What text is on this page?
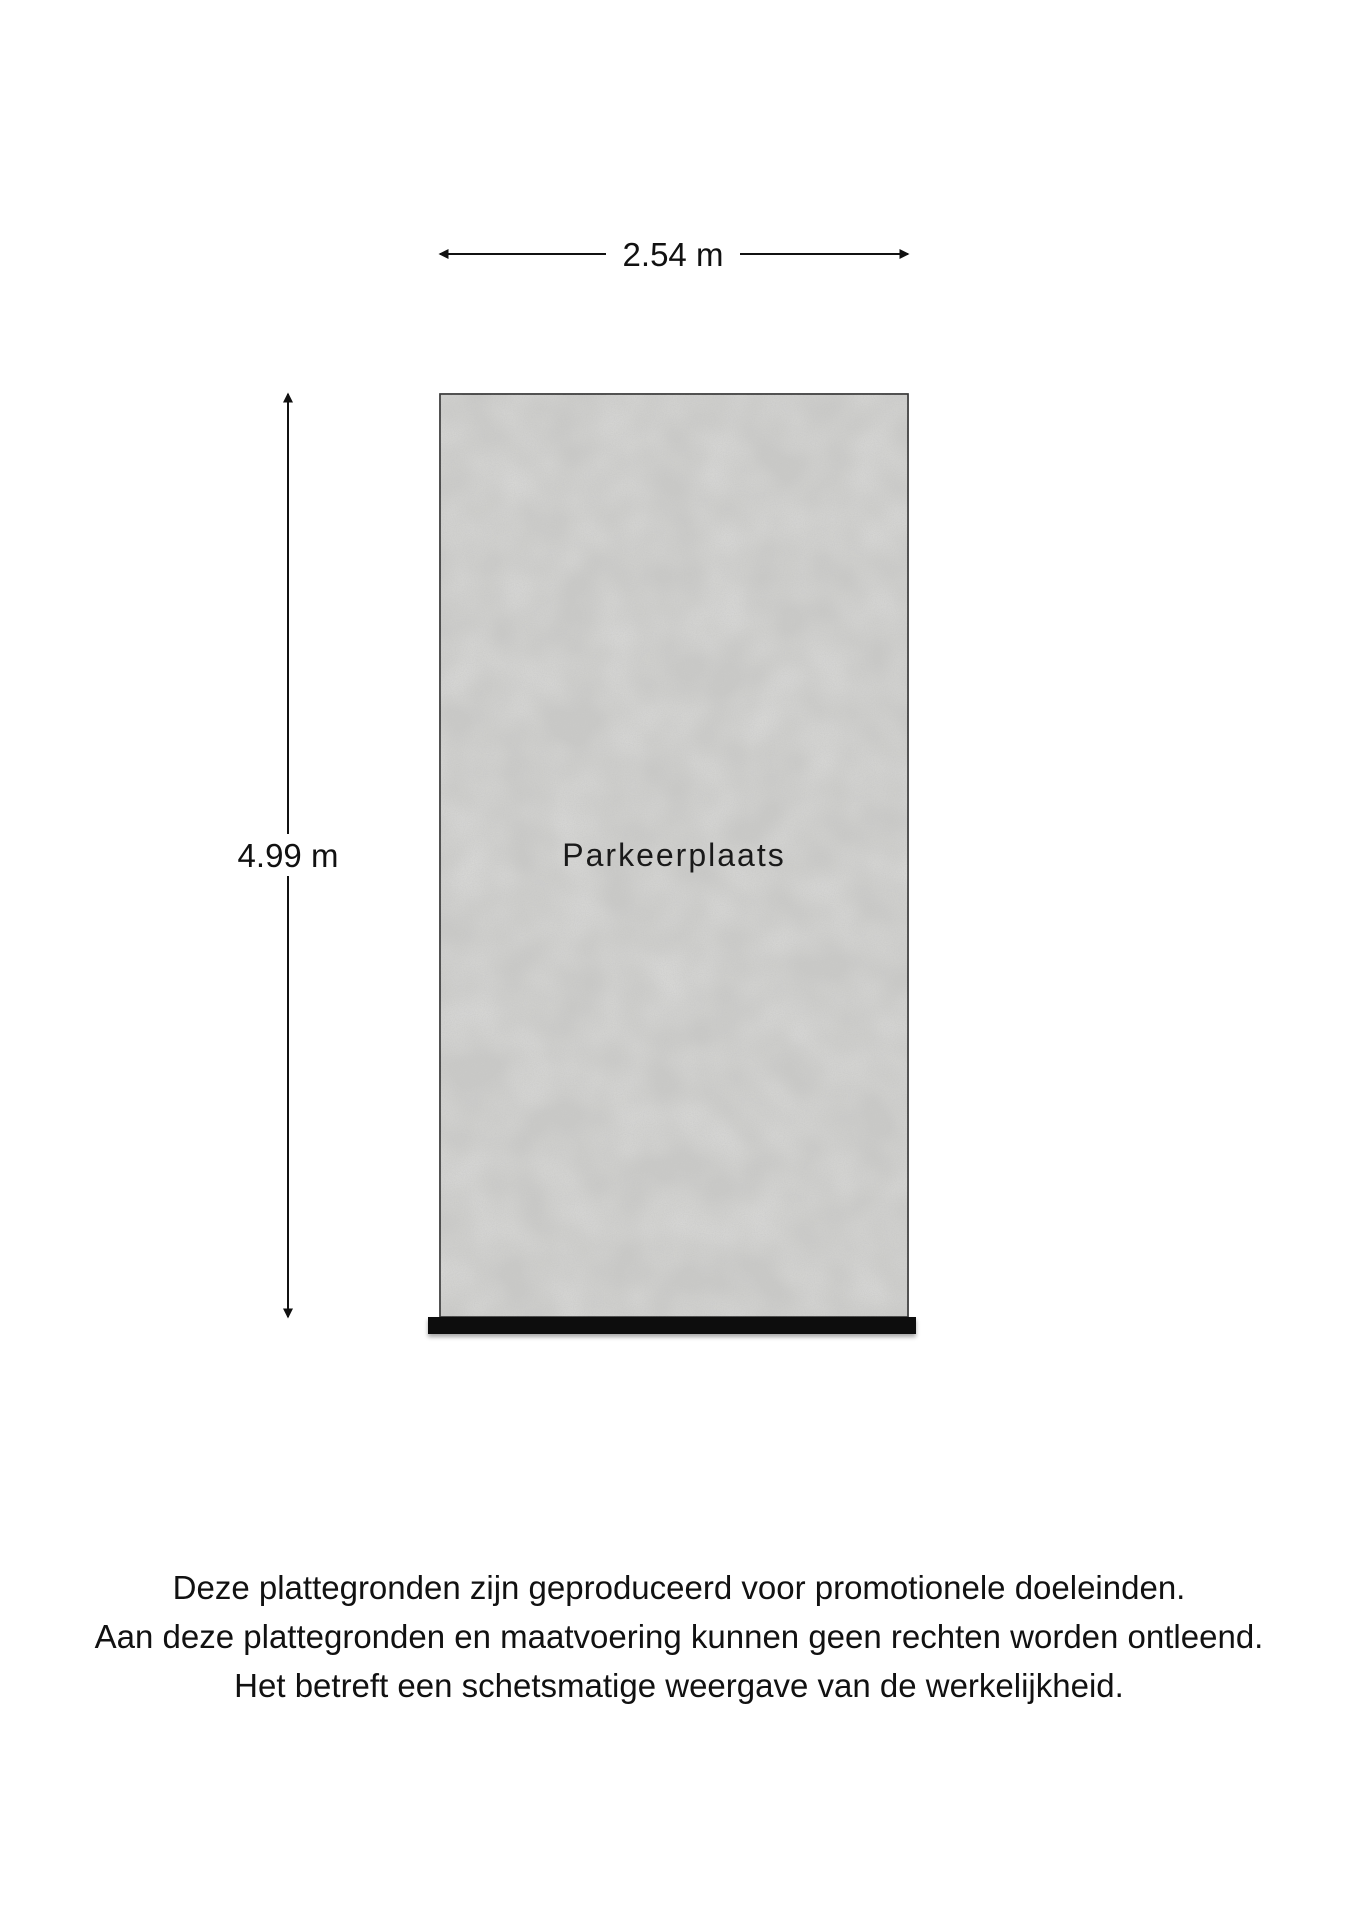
Parkeerplaats
2.54 m
4.99 m
Deze plattegronden zijn geproduceerd voor promotionele doeleinden.
Aan deze plattegronden en maatvoering kunnen geen rechten worden ontleend.
Het betreft een schetsmatige weergave van de werkelijkheid.
